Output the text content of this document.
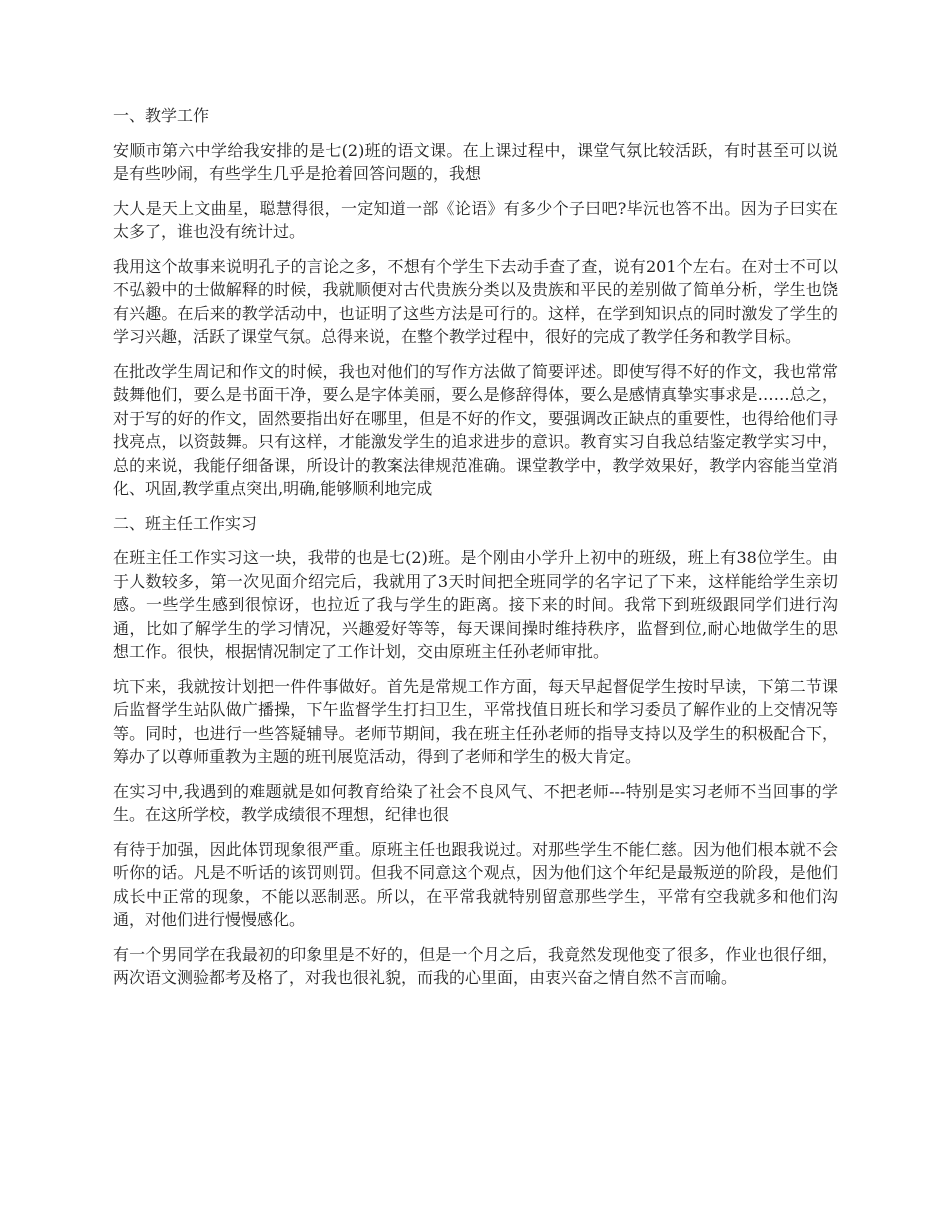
一、教学工作

安顺市第六中学给我安排的是七(2)班的语文课。在上课过程中，课堂气氛比较活跃，有时甚至可以说是有些吵闹，有些学生几乎是抢着回答问题的，我想

大人是天上文曲星，聪慧得很，一定知道一部《论语》有多少个子曰吧?毕沅也答不出。因为子曰实在太多了，谁也没有统计过。

我用这个故事来说明孔子的言论之多，不想有个学生下去动手查了查，说有201个左右。在对士不可以不弘毅中的士做解释的时候，我就顺便对古代贵族分类以及贵族和平民的差别做了简单分析，学生也饶有兴趣。在后来的教学活动中，也证明了这些方法是可行的。这样，在学到知识点的同时激发了学生的学习兴趣，活跃了课堂气氛。总得来说，在整个教学过程中，很好的完成了教学任务和教学目标。

在批改学生周记和作文的时候，我也对他们的写作方法做了简要评述。即使写得不好的作文，我也常常鼓舞他们，要么是书面干净，要么是字体美丽，要么是修辞得体，要么是感情真挚实事求是……总之，对于写的好的作文，固然要指出好在哪里，但是不好的作文，要强调改正缺点的重要性，也得给他们寻找亮点，以资鼓舞。只有这样，才能激发学生的追求进步的意识。教育实习自我总结鉴定教学实习中，总的来说，我能仔细备课，所设计的教案法律规范准确。课堂教学中，教学效果好，教学内容能当堂消化、巩固,教学重点突出,明确,能够顺利地完成

二、班主任工作实习

在班主任工作实习这一块，我带的也是七(2)班。是个刚由小学升上初中的班级，班上有38位学生。由于人数较多，第一次见面介绍完后，我就用了3天时间把全班同学的名字记了下来，这样能给学生亲切感。一些学生感到很惊讶，也拉近了我与学生的距离。接下来的时间。我常下到班级跟同学们进行沟通，比如了解学生的学习情况，兴趣爱好等等，每天课间操时维持秩序，监督到位,耐心地做学生的思想工作。很快，根据情况制定了工作计划，交由原班主任孙老师审批。

坑下来，我就按计划把一件件事做好。首先是常规工作方面，每天早起督促学生按时早读，下第二节课后监督学生站队做广播操，下午监督学生打扫卫生，平常找值日班长和学习委员了解作业的上交情况等等。同时，也进行一些答疑辅导。老师节期间，我在班主任孙老师的指导支持以及学生的积极配合下，筹办了以尊师重教为主题的班刊展览活动，得到了老师和学生的极大肯定。

在实习中,我遇到的难题就是如何教育给染了社会不良风气、不把老师---特别是实习老师不当回事的学生。在这所学校，教学成绩很不理想，纪律也很

有待于加强，因此体罚现象很严重。原班主任也跟我说过。对那些学生不能仁慈。因为他们根本就不会听你的话。凡是不听话的该罚则罚。但我不同意这个观点，因为他们这个年纪是最叛逆的阶段，是他们成长中正常的现象，不能以恶制恶。所以，在平常我就特别留意那些学生，平常有空我就多和他们沟通，对他们进行慢慢感化。

有一个男同学在我最初的印象里是不好的，但是一个月之后，我竟然发现他变了很多，作业也很仔细，两次语文测验都考及格了，对我也很礼貌，而我的心里面，由衷兴奋之情自然不言而喻。
